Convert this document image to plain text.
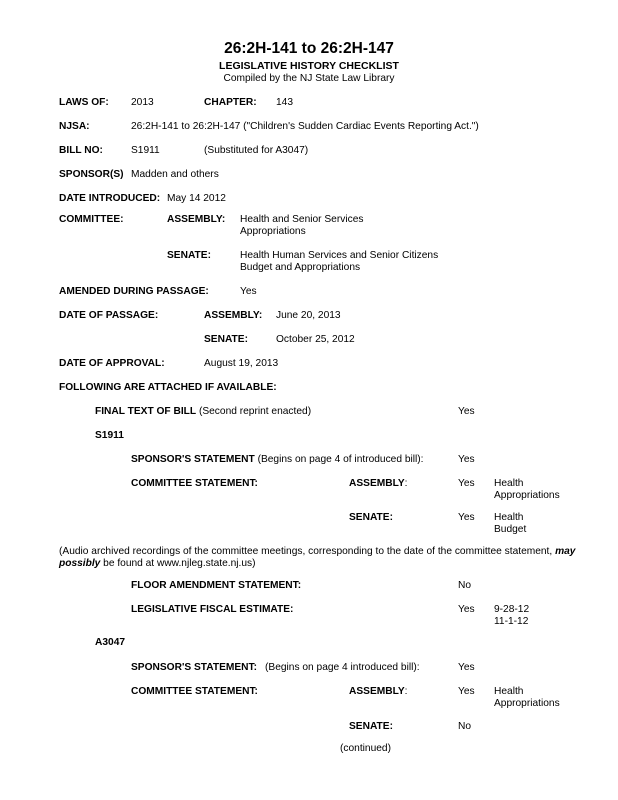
26:2H-141 to 26:2H-147
LEGISLATIVE HISTORY CHECKLIST
Compiled by the NJ State Law Library
LAWS OF: 2013	CHAPTER: 143
NJSA:	26:2H-141 to 26:2H-147 ("Children's Sudden Cardiac Events Reporting Act.")
BILL NO:	S1911	(Substituted for A3047)
SPONSOR(S) Madden and others
DATE INTRODUCED: May 14 2012
COMMITTEE:	ASSEMBLY: Health and Senior Services
Appropriations
SENATE:	Health Human Services and Senior Citizens
Budget and Appropriations
AMENDED DURING PASSAGE:	Yes
DATE OF PASSAGE:	ASSEMBLY: June 20, 2013
SENATE:	October 25, 2012
DATE OF APPROVAL:	August 19, 2013
FOLLOWING ARE ATTACHED IF AVAILABLE:
FINAL TEXT OF BILL (Second reprint enacted)	Yes
S1911
SPONSOR'S STATEMENT (Begins on page 4 of introduced bill):	Yes
COMMITTEE STATEMENT:	ASSEMBLY:	Yes Health
Appropriations
SENATE:	Yes Health
Budget
(Audio archived recordings of the committee meetings, corresponding to the date of the committee statement, may possibly be found at www.njleg.state.nj.us)
FLOOR AMENDMENT STATEMENT:	No
LEGISLATIVE FISCAL ESTIMATE:	Yes 9-28-12
11-1-12
A3047
SPONSOR'S STATEMENT: (Begins on page 4 introduced bill):	Yes
COMMITTEE STATEMENT:	ASSEMBLY:	Yes Health
Appropriations
SENATE:	No
(continued)
